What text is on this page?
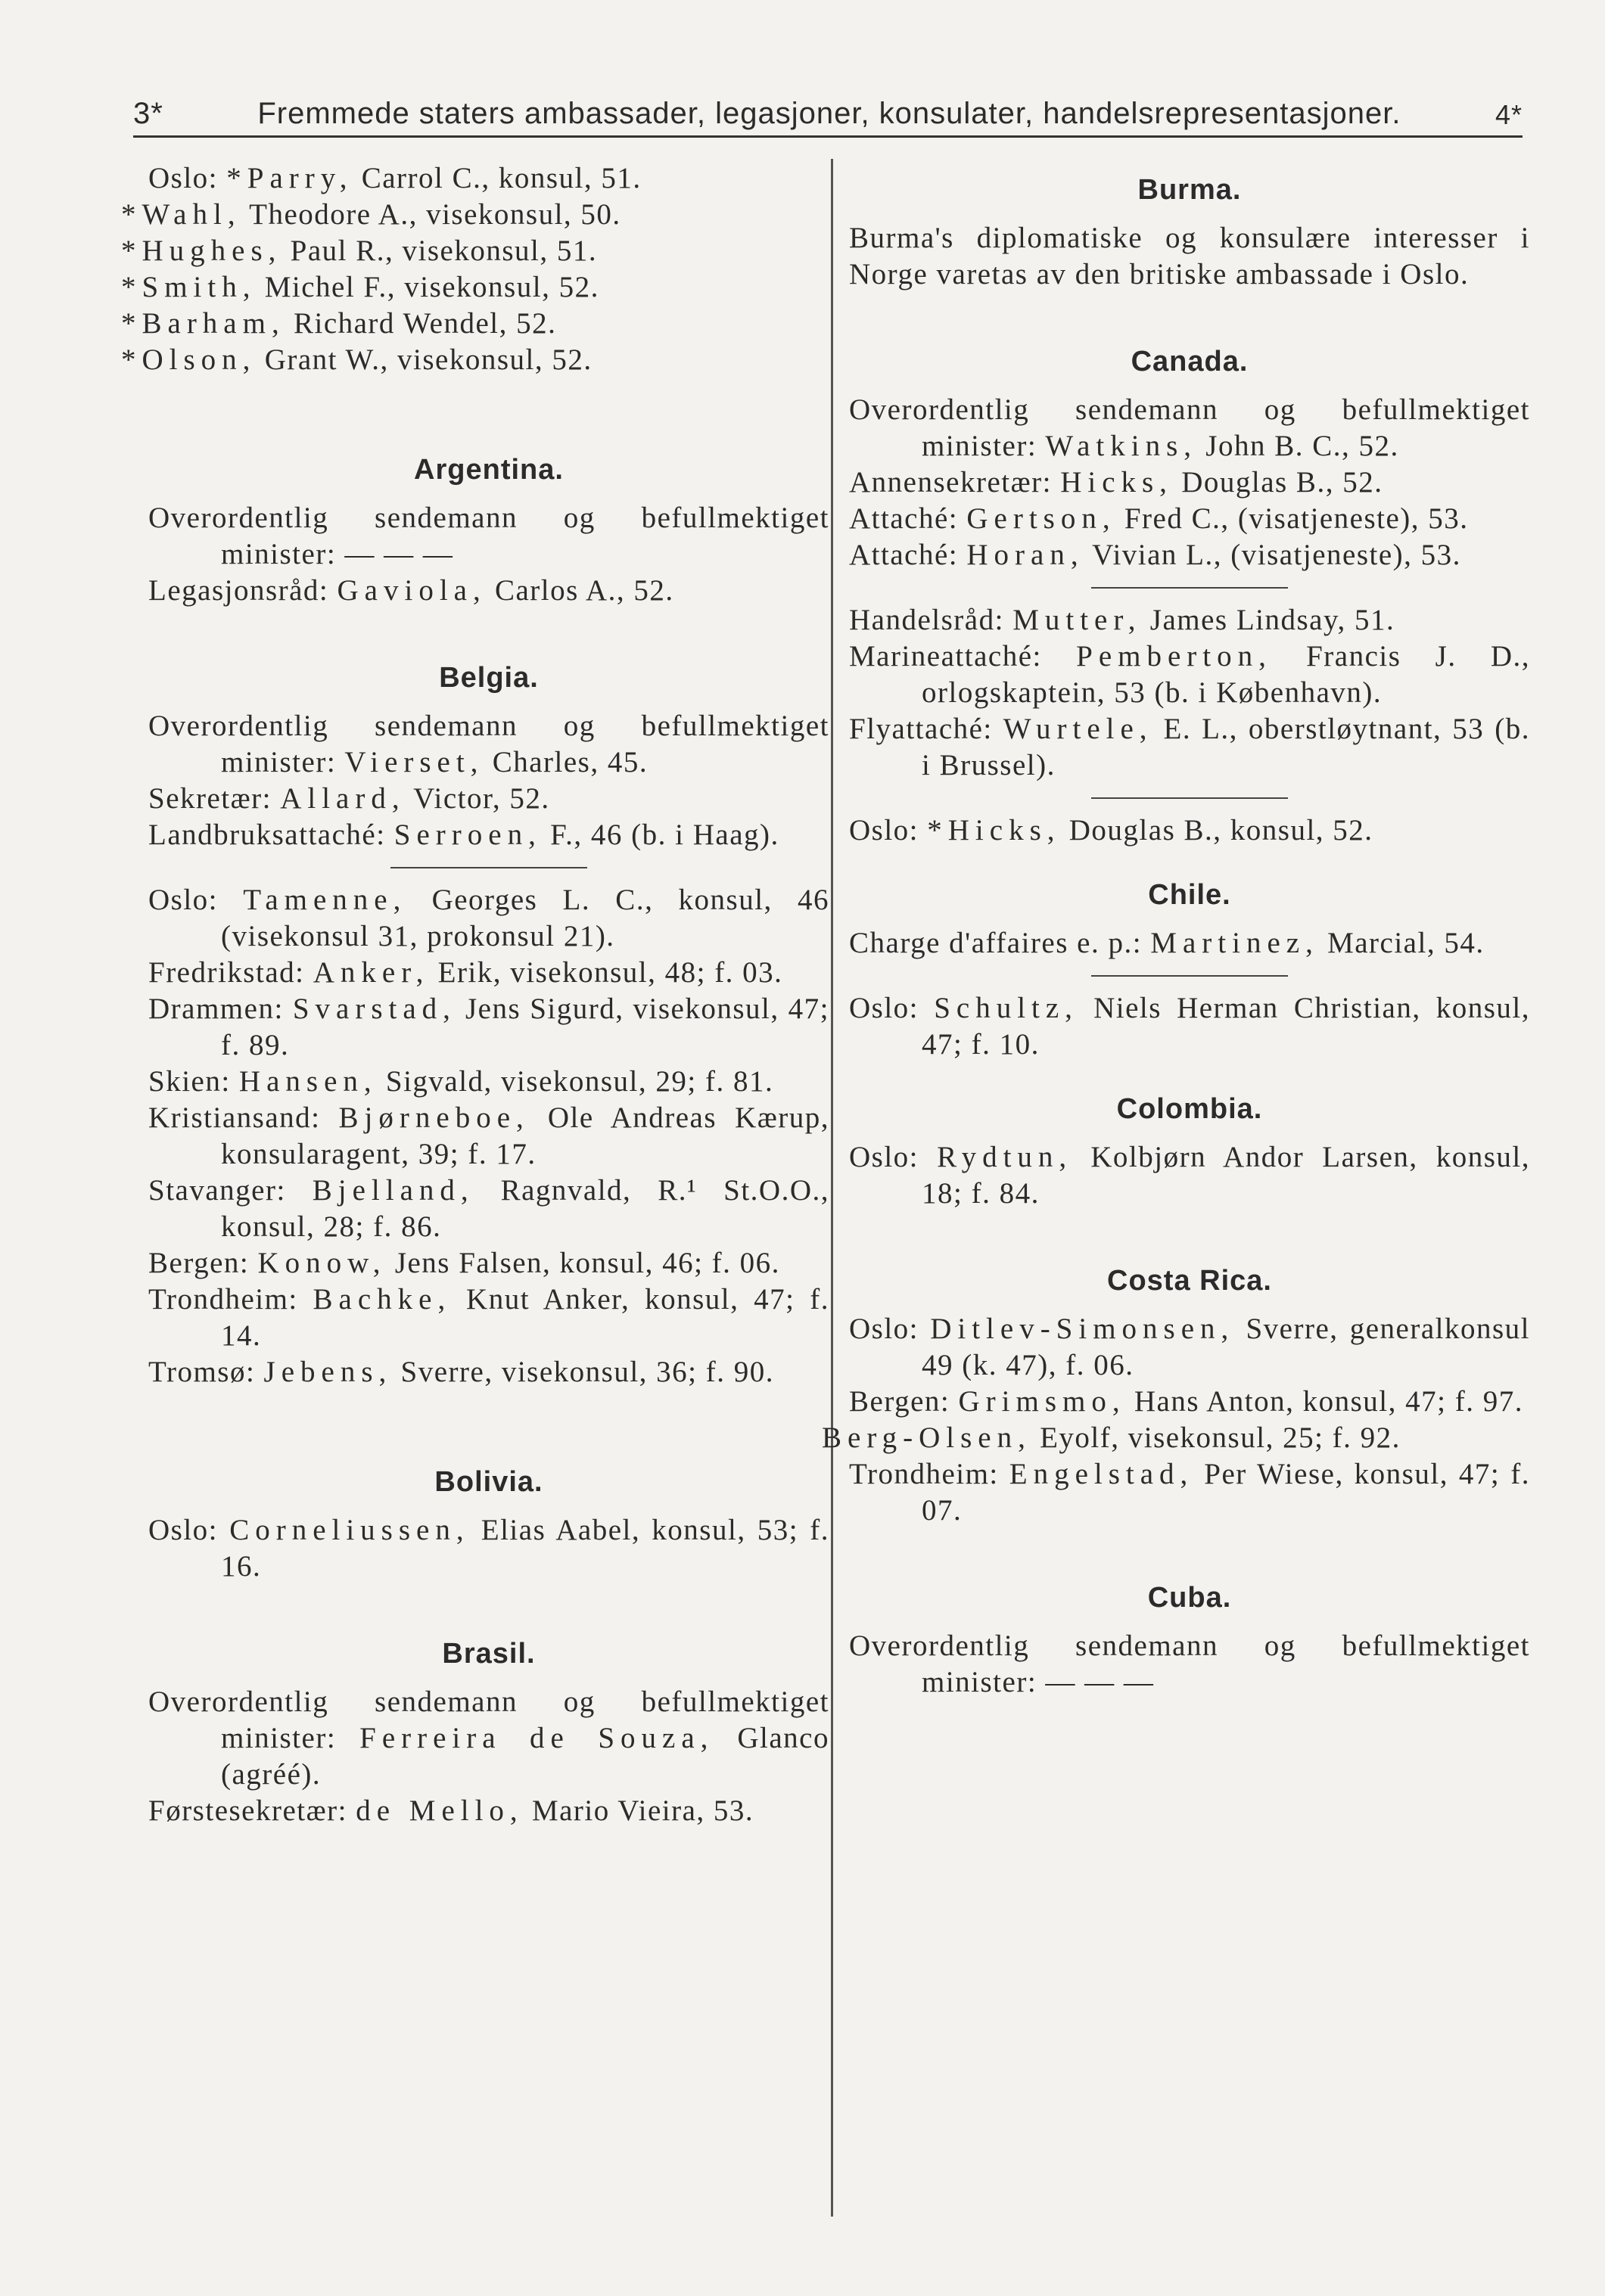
3*	Fremmede staters ambassader, legasjoner, konsulater, handelsrepresentasjoner.	4*

Oslo: *Parry, Carrol C., konsul, 51.

*Wahl, Theodore A., visekonsul, 50.

*Hughes, Paul R., visekonsul, 51.

*Smith, Michel F., visekonsul, 52.

*Barham, Richard Wendel, 52.

*Olson, Grant W., visekonsul, 52.

Argentina.

Overordentlig sendemann og befullmektiget minister: — — —

Legasjonsråd: Gaviola, Carlos A., 52.

Belgia.

Overordentlig sendemann og befullmektiget minister: Vierset, Charles, 45.

Sekretær: Allard, Victor, 52.

Landbruksattaché: Serroen, F., 46 (b. i Haag).

Oslo: Tamenne, Georges L. C., konsul, 46 (visekonsul 31, prokonsul 21).

Fredrikstad: Anker, Erik, visekonsul, 48; f. 03.

Drammen: Svarstad, Jens Sigurd, visekonsul, 47; f. 89.

Skien: Hansen, Sigvald, visekonsul, 29; f. 81.

Kristiansand: Bjørneboe, Ole Andreas Kærup, konsularagent, 39; f. 17.

Stavanger: Bjelland, Ragnvald, R.¹ St.O.O., konsul, 28; f. 86.

Bergen: Konow, Jens Falsen, konsul, 46; f. 06.

Trondheim: Bachke, Knut Anker, konsul, 47; f. 14.

Tromsø: Jebens, Sverre, visekonsul, 36; f. 90.

Bolivia.

Oslo: Corneliussen, Elias Aabel, konsul, 53; f. 16.

Brasil.

Overordentlig sendemann og befullmektiget minister: Ferreira de Souza, Glanco (agréé).

Førstesekretær: de Mello, Mario Vieira, 53.

Burma.

Burma's diplomatiske og konsulære interesser i Norge varetas av den britiske ambassade i Oslo.

Canada.

Overordentlig sendemann og befullmektiget minister: Watkins, John B. C., 52.

Annensekretær: Hicks, Douglas B., 52.

Attaché: Gertson, Fred C., (visatjeneste), 53.

Attaché: Horan, Vivian L., (visatjeneste), 53.

Handelsråd: Mutter, James Lindsay, 51.

Marineattaché: Pemberton, Francis J. D., orlogskaptein, 53 (b. i København).

Flyattaché: Wurtele, E. L., oberstløytnant, 53 (b. i Brussel).

Oslo: *Hicks, Douglas B., konsul, 52.

Chile.

Charge d'affaires e. p.: Martinez, Marcial, 54.

Oslo: Schultz, Niels Herman Christian, konsul, 47; f. 10.

Colombia.

Oslo: Rydtun, Kolbjørn Andor Larsen, konsul, 18; f. 84.

Costa Rica.

Oslo: Ditlev-Simonsen, Sverre, generalkonsul 49 (k. 47), f. 06.

Bergen: Grimsmo, Hans Anton, konsul, 47; f. 97.

Berg-Olsen, Eyolf, visekonsul, 25; f. 92.

Trondheim: Engelstad, Per Wiese, konsul, 47; f. 07.

Cuba.

Overordentlig sendemann og befullmektiget minister: — — —
